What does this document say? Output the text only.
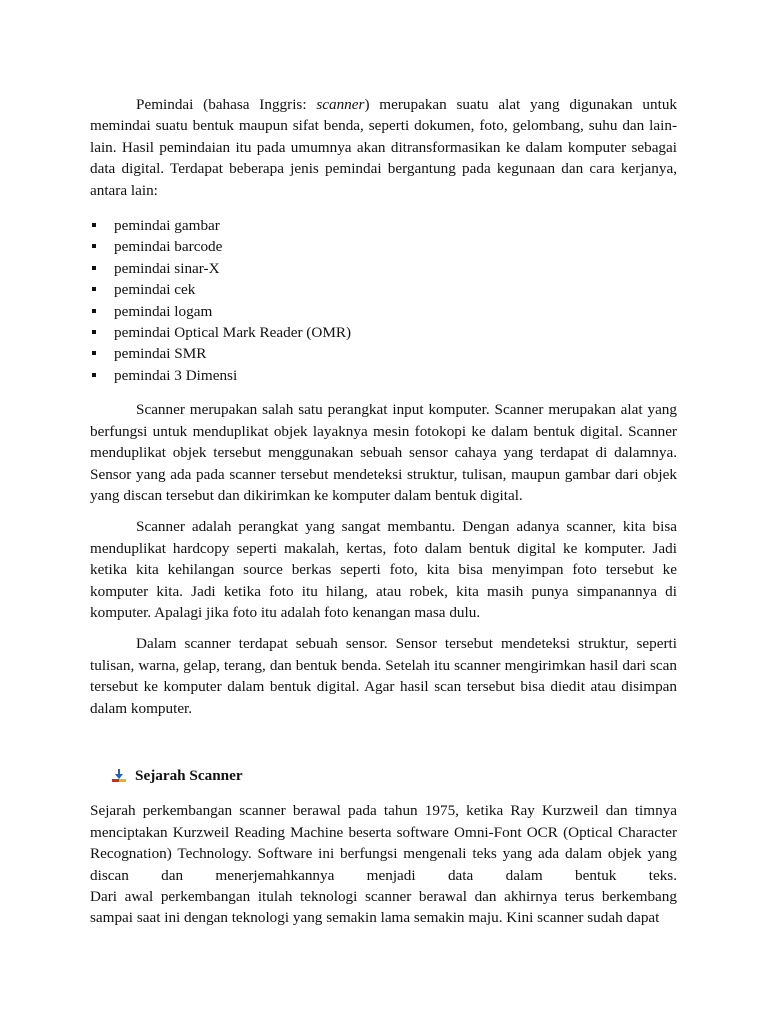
Pemindai (bahasa Inggris: scanner) merupakan suatu alat yang digunakan untuk memindai suatu bentuk maupun sifat benda, seperti dokumen, foto, gelombang, suhu dan lain-lain. Hasil pemindaian itu pada umumnya akan ditransformasikan ke dalam komputer sebagai data digital. Terdapat beberapa jenis pemindai bergantung pada kegunaan dan cara kerjanya, antara lain:

pemindai gambar
pemindai barcode
pemindai sinar-X
pemindai cek
pemindai logam
pemindai Optical Mark Reader (OMR)
pemindai SMR
pemindai 3 Dimensi

Scanner merupakan salah satu perangkat input komputer. Scanner merupakan alat yang berfungsi untuk menduplikat objek layaknya mesin fotokopi ke dalam bentuk digital. Scanner menduplikat objek tersebut menggunakan sebuah sensor cahaya yang terdapat di dalamnya. Sensor yang ada pada scanner tersebut mendeteksi struktur, tulisan, maupun gambar dari objek yang discan tersebut dan dikirimkan ke komputer dalam bentuk digital.

Scanner adalah perangkat yang sangat membantu. Dengan adanya scanner, kita bisa menduplikat hardcopy seperti makalah, kertas, foto dalam bentuk digital ke komputer. Jadi ketika kita kehilangan source berkas seperti foto, kita bisa menyimpan foto tersebut ke komputer kita. Jadi ketika foto itu hilang, atau robek, kita masih punya simpanannya di komputer. Apalagi jika foto itu adalah foto kenangan masa dulu.

Dalam scanner terdapat sebuah sensor. Sensor tersebut mendeteksi struktur, seperti tulisan, warna, gelap, terang, dan bentuk benda. Setelah itu scanner mengirimkan hasil dari scan tersebut ke komputer dalam bentuk digital. Agar hasil scan tersebut bisa diedit atau disimpan dalam komputer.

Sejarah Scanner

Sejarah perkembangan scanner berawal pada tahun 1975, ketika Ray Kurzweil dan timnya menciptakan Kurzweil Reading Machine beserta software Omni-Font OCR (Optical Character Recognation) Technology. Software ini berfungsi mengenali teks yang ada dalam objek yang discan dan menerjemahkannya menjadi data dalam bentuk teks.

Dari awal perkembangan itulah teknologi scanner berawal dan akhirnya terus berkembang sampai saat ini dengan teknologi yang semakin lama semakin maju. Kini scanner sudah dapat
